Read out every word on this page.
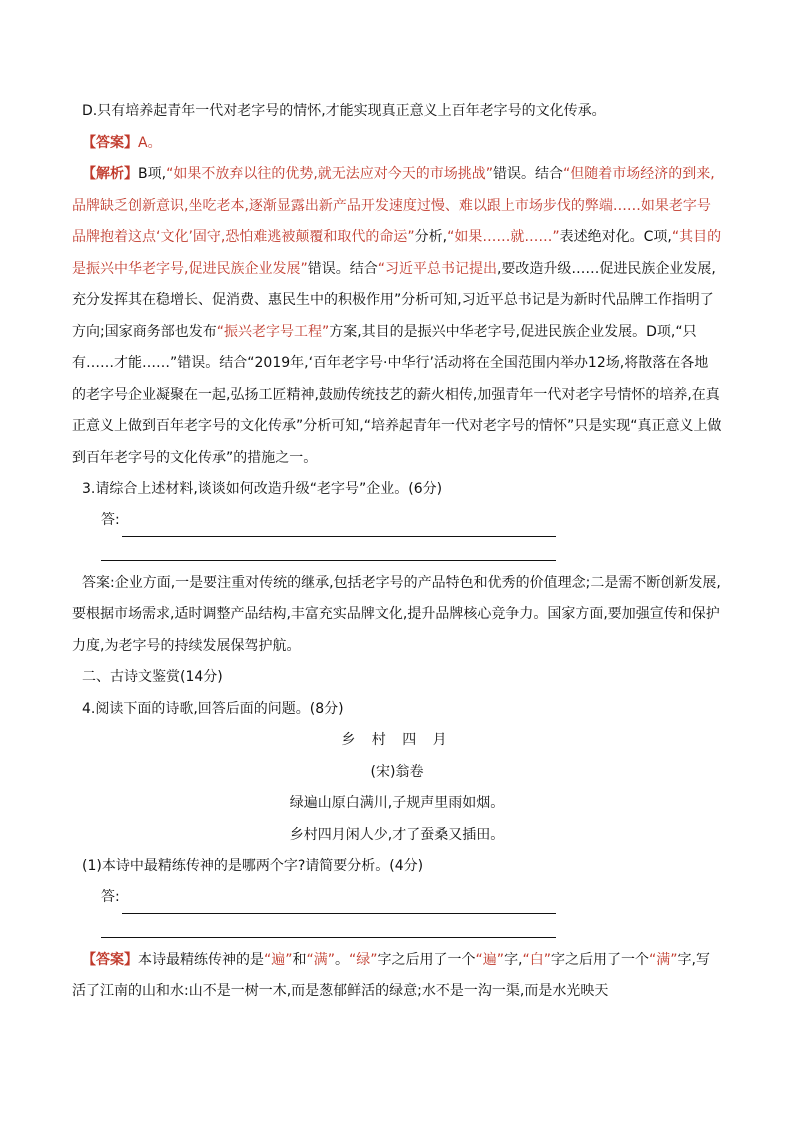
D.只有培养起青年一代对老字号的情怀,才能实现真正意义上百年老字号的文化传承。

【答案】A。

【解析】B项,“如果不放弃以往的优势,就无法应对今天的市场挑战”错误。结合“但随着市场经济的到来,品牌缺乏创新意识,坐吃老本,逐渐显露出新产品开发速度过慢、难以跟上市场步伐的弊端……如果老字号品牌抱着这点‘文化’固守,恐怕难逃被颠覆和取代的命运”分析,“如果……就……”表述绝对化。C项,“其目的是振兴中华老字号,促进民族企业发展”错误。结合“习近平总书记提出,要改造升级……促进民族企业发展,充分发挥其在稳增长、促消费、惠民生中的积极作用”分析可知,习近平总书记是为新时代品牌工作指明了方向;国家商务部也发布“振兴老字号工程”方案,其目的是振兴中华老字号,促进民族企业发展。D项,“只有……才能……”错误。结合“2019年,‘百年老字号·中华行’活动将在全国范围内举办12场,将散落在各地的老字号企业凝聚在一起,弘扬工匠精神,鼓励传统技艺的薪火相传,加强青年一代对老字号情怀的培养,在真正意义上做到百年老字号的文化传承”分析可知,“培养起青年一代对老字号的情怀”只是实现“真正意义上做到百年老字号的文化传承”的措施之一。

3.请综合上述材料,谈谈如何改造升级“老字号”企业。(6分)

答:

答案:企业方面,一是要注重对传统的继承,包括老字号的产品特色和优秀的价值理念;二是需不断创新发展,要根据市场需求,适时调整产品结构,丰富充实品牌文化,提升品牌核心竞争力。国家方面,要加强宣传和保护力度,为老字号的持续发展保驾护航。

二、古诗文鉴赏(14分)

4.阅读下面的诗歌,回答后面的问题。(8分)

乡 村 四 月

(宋)翁卷

绿遍山原白满川,子规声里雨如烟。

乡村四月闲人少,才了蚕桑又插田。

(1)本诗中最精练传神的是哪两个字?请简要分析。(4分)

答:

【答案】本诗最精练传神的是“遍”和“满”。“绿”字之后用了一个“遍”字,“白”字之后用了一个“满”字,写活了江南的山和水:山不是一树一木,而是葱郁鲜活的绿意;水不是一沟一渠,而是水光映天
